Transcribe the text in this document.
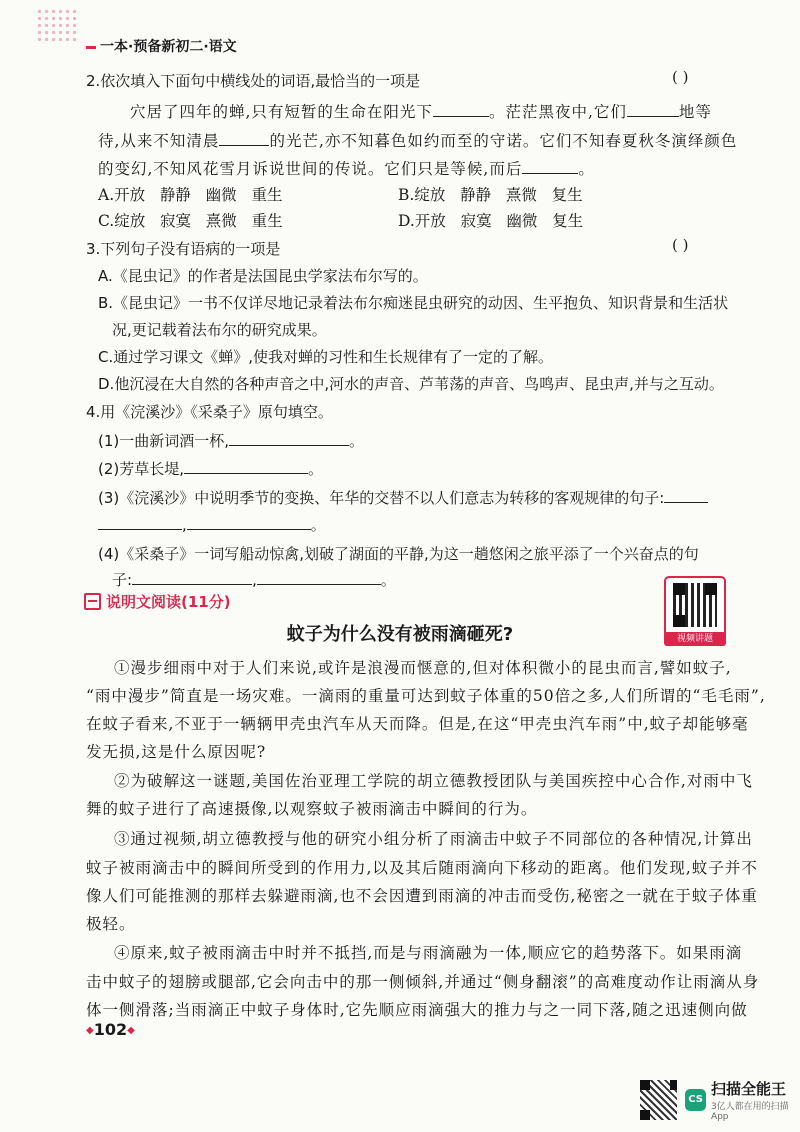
一本·预备新初二·语文
2.依次填入下面句中横线处的词语,最恰当的一项是	( )
穴居了四年的蝉,只有短暂的生命在阳光下	。茫茫黑夜中,它们	地等
待,从来不知清晨	的光芒,亦不知暮色如约而至的守诺。它们不知春夏秋冬演绎颜色
的变幻,不知风花雪月诉说世间的传说。它们只是等候,而后	。
A.开放   静静   幽微   重生	B.绽放   静静   熹微   复生
C.绽放   寂寞   熹微   重生	D.开放   寂寞   幽微   复生
3.下列句子没有语病的一项是	( )
A.《昆虫记》的作者是法国昆虫学家法布尔写的。
B.《昆虫记》一书不仅详尽地记录着法布尔痴迷昆虫研究的动因、生平抱负、知识背景和生活状
况,更记载着法布尔的研究成果。
C.通过学习课文《蝉》,使我对蝉的习性和生长规律有了一定的了解。
D.他沉浸在大自然的各种声音之中,河水的声音、芦苇荡的声音、鸟鸣声、昆虫声,并与之互动。
4.用《浣溪沙》《采桑子》原句填空。
(1)一曲新词酒一杯,	。
(2)芳草长堤,	。
(3)《浣溪沙》中说明季节的变换、年华的交替不以人们意志为转移的客观规律的句子:
,	。
(4)《采桑子》一词写船动惊禽,划破了湖面的平静,为这一趟悠闲之旅平添了一个兴奋点的句
子:	,	。
说明文阅读(11分)
视频讲题
蚊子为什么没有被雨滴砸死?
①漫步细雨中对于人们来说,或许是浪漫而惬意的,但对体积微小的昆虫而言,譬如蚊子,
“雨中漫步”简直是一场灾难。一滴雨的重量可达到蚊子体重的50倍之多,人们所谓的“毛毛雨”,
在蚊子看来,不亚于一辆辆甲壳虫汽车从天而降。但是,在这“甲壳虫汽车雨”中,蚊子却能够毫
发无损,这是什么原因呢?
②为破解这一谜题,美国佐治亚理工学院的胡立德教授团队与美国疾控中心合作,对雨中飞
舞的蚊子进行了高速摄像,以观察蚊子被雨滴击中瞬间的行为。
③通过视频,胡立德教授与他的研究小组分析了雨滴击中蚊子不同部位的各种情况,计算出
蚊子被雨滴击中的瞬间所受到的作用力,以及其后随雨滴向下移动的距离。他们发现,蚊子并不
像人们可能推测的那样去躲避雨滴,也不会因遭到雨滴的冲击而受伤,秘密之一就在于蚊子体重
极轻。
④原来,蚊子被雨滴击中时并不抵挡,而是与雨滴融为一体,顺应它的趋势落下。如果雨滴
击中蚊子的翅膀或腿部,它会向击中的那一侧倾斜,并通过“侧身翻滚”的高难度动作让雨滴从身
体一侧滑落;当雨滴正中蚊子身体时,它先顺应雨滴强大的推力与之一同下落,随之迅速侧向做
◆102◆
CS
扫描全能王
3亿人都在用的扫描App
